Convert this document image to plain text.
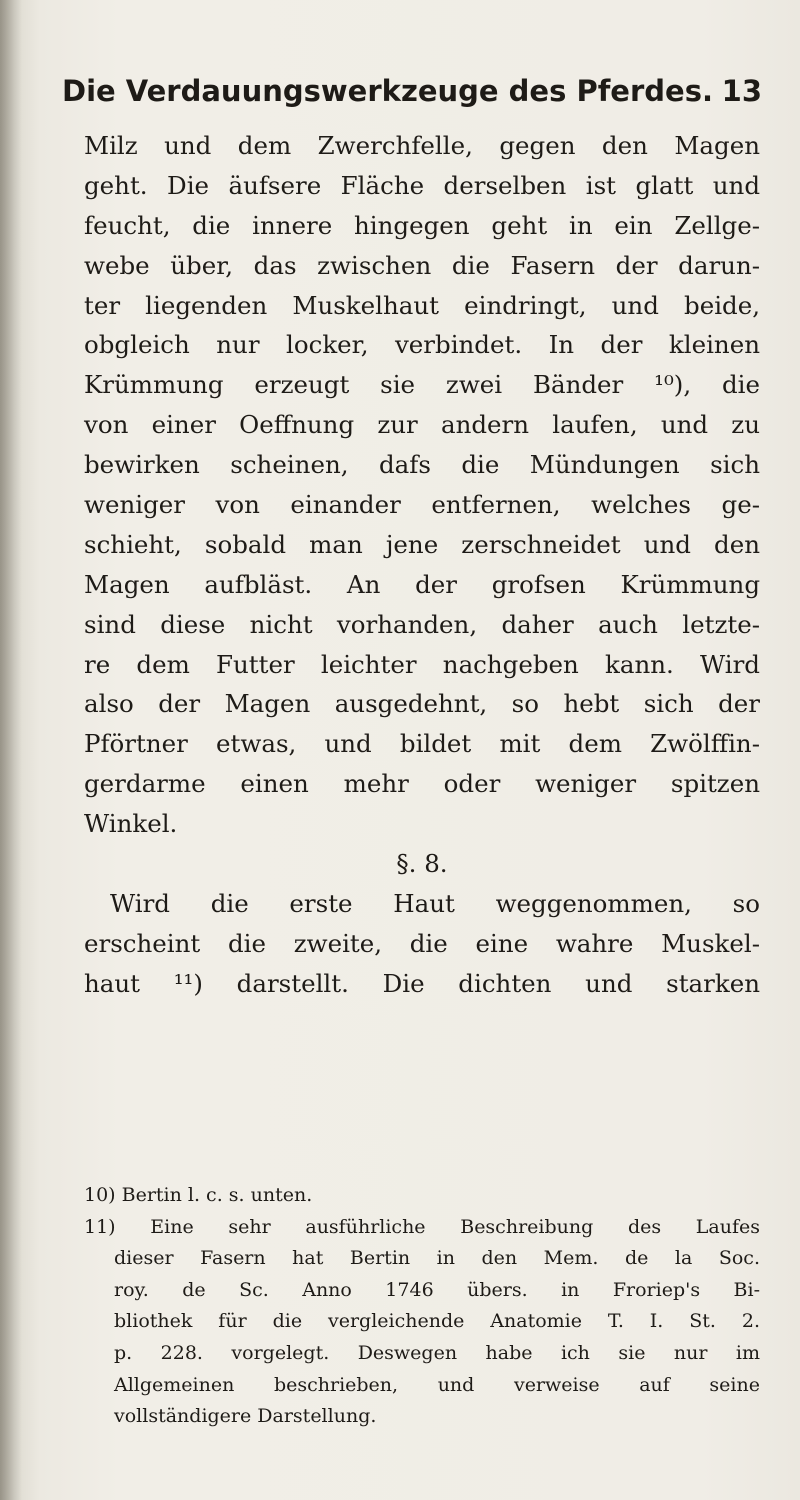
Die Verdauungswerkzeuge des Pferdes. 13
Milz und dem Zwerchfelle, gegen den Magen
geht. Die äufsere Fläche derselben ist glatt und
feucht, die innere hingegen geht in ein Zellge-
webe über, das zwischen die Fasern der darun-
ter liegenden Muskelhaut eindringt, und beide,
obgleich nur locker, verbindet. In der kleinen
Krümmung erzeugt sie zwei Bänder ¹⁰), die
von einer Oeffnung zur andern laufen, und zu
bewirken scheinen, dafs die Mündungen sich
weniger von einander entfernen, welches ge-
schieht, sobald man jene zerschneidet und den
Magen aufbläst. An der grofsen Krümmung
sind diese nicht vorhanden, daher auch letzte-
re dem Futter leichter nachgeben kann. Wird
also der Magen ausgedehnt, so hebt sich der
Pförtner etwas, und bildet mit dem Zwölffin-
gerdarme einen mehr oder weniger spitzen
Winkel.
§. 8.
Wird die erste Haut weggenommen, so
erscheint die zweite, die eine wahre Muskel-
haut ¹¹) darstellt. Die dichten und starken
10) Bertin l. c. s. unten.
11) Eine sehr ausführliche Beschreibung des Laufes
dieser Fasern hat Bertin in den Mem. de la Soc.
roy. de Sc. Anno 1746 übers. in Froriep's Bi-
bliothek für die vergleichende Anatomie T. I. St. 2.
p. 228. vorgelegt. Deswegen habe ich sie nur im
Allgemeinen beschrieben, und verweise auf seine
vollständigere Darstellung.
